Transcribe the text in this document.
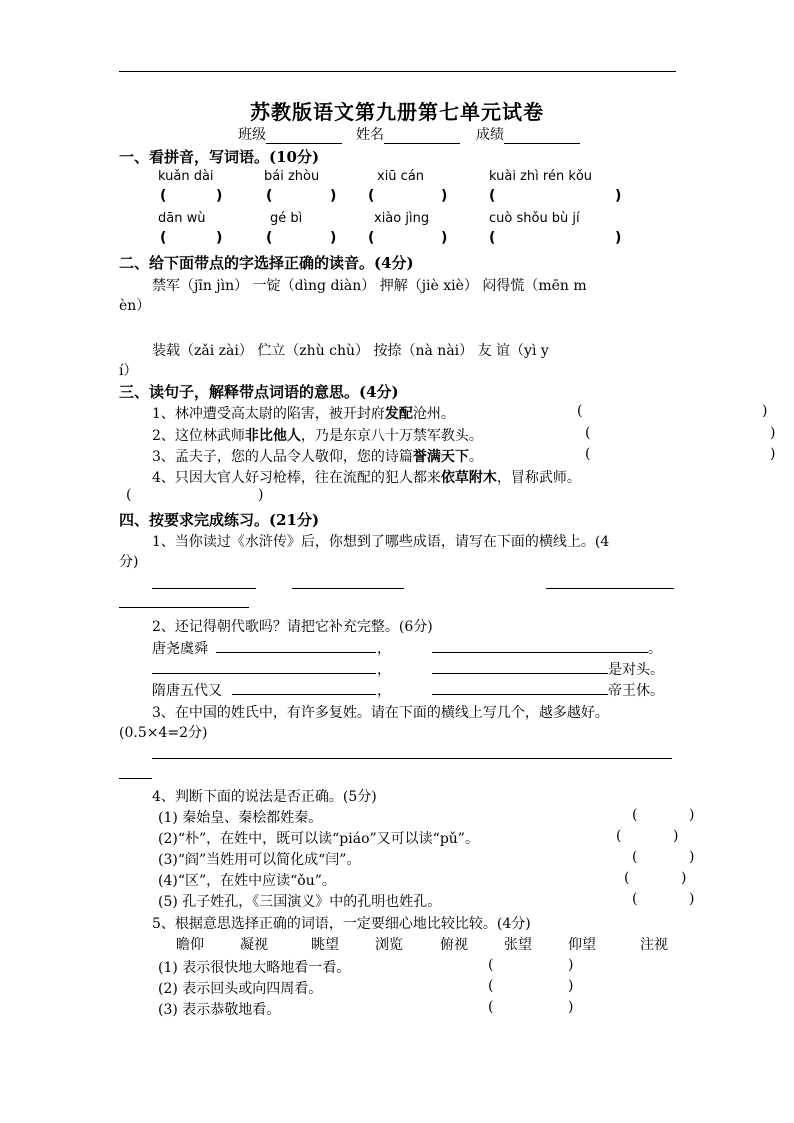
苏教版语文第九册第七单元试卷
班级	姓名	成绩
一、看拼音，写词语。(10分)
kuǎn dài	bái zhòu	xiū cán	kuài zhì rén kǒu
(	)	(	) (	)	(	)
dān wù	gé bì	xiào jìng	cuò shǒu bù jí
(	)	(	) (	)	(	)
二、给下面带点的字选择正确的读音。(4分)
禁军（jīn jìn） 一锭（dìng diàn） 押解（jiè xiè） 闷得慌（mēn m
èn）
装载（zǎi zài） 伫立（zhù chù） 按捺（nà nài） 友 谊（yì y
í）
三、读句子，解释带点词语的意思。(4分)
1、林冲遭受高太尉的陷害，被开封府发配沧州。	(	)
2、这位林武师非比他人，乃是东京八十万禁军教头。	(	)
3、孟夫子，您的人品令人敬仰，您的诗篇誉满天下。	(	)
4、只因大官人好习枪棒，往在流配的犯人都来依草附木，冒称武师。
(	)
四、按要求完成练习。(21分)
1、当你读过《水浒传》后，你想到了哪些成语，请写在下面的横线上。(4
分)
2、还记得朝代歌吗？请把它补充完整。(6分)
唐尧虞舜	，	。
，	是对头。
隋唐五代又	，	帝王休。
3、在中国的姓氏中，有许多复姓。请在下面的横线上写几个，越多越好。
(0.5×4=2分)
4、判断下面的说法是否正确。(5分)
(1) 秦始皇、秦桧都姓秦。	(	)
(2)“朴”，在姓中，既可以读“piáo”又可以读“pǔ”。	(	)
(3)“阎”当姓用可以简化成“闫”。	(	)
(4)“区”，在姓中应读“ǒu”。	(	)
(5) 孔子姓孔，《三国演义》中的孔明也姓孔。	(	)
5、根据意思选择正确的词语，一定要细心地比较比较。(4分)
瞻仰	凝视	眺望	浏览	俯视	张望	仰望	注视
(1) 表示很快地大略地看一看。	(	)
(2) 表示回头或向四周看。	(	)
(3) 表示恭敬地看。	(	)
